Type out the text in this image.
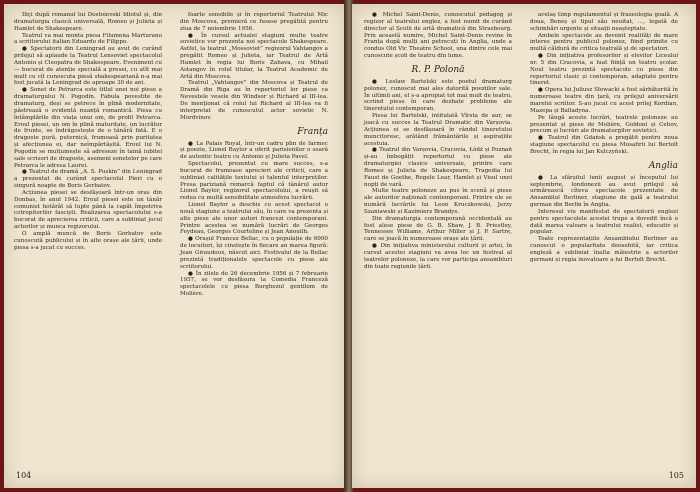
Iliçi după romanul lui Dostoievski Idiotul și, din dramaturgia clasică universală, Romeo și Julieta și Hamlet de Shakespeare.

Teatrul va mai monta piesa Filumena Marturano a scriitorului italian Eduardo de Filippo.

● Spectatorii din Leningrad au avut de curând prilejul să aplaude la Teatrul Lensoviet spectacolul Antoniu și Cleopatra de Shakespeare. Eveniment cu — bucurat de atenție specială a presei, cu atît mai mult cu cît cunoscuta piesă shakespeariană n-a mai fost jucată la Leningrad de aproape 30 de ani.

● Sonet de Petrarca este titlul unei noi piese a dramaturgului N. Pogodin. Fabula povestite de dramaturg, deși se petrece în plină modernitate, păstrează o evidentă nuanță romantică. Piesa cu întâmplările din viața unui om, de profil Petrarca. Eroul piesei, un om în plină maturitate, un lucrător de frunte, se îndrăgostește de o tânără fată. E o dragoste pură, puternică, frumoasă prin puritatea și afecțiunea ei, dar neîmpărtășită. Eroul lui N. Pogodin se mulțumește să adreseze în taină iubitei sale scrisori de dragoste, asemeni sonetelor pe care Petrarca le adresa Laurei.

● Teatrul de dramă „A. S. Puskin” din Leningrad a prezentat de curând spectacolul Pieri cu o singură noapte de Boris Gorbatov.

Acțiunea piesei se desfășoară într-un oraș din Donbas, în anul 1942. Eroul piesei este un tânăr comunist hotărât să lupte până la capăt împotriva cotropitorilor fasciști. Realizarea spectacolului s-a bucurat de aprecierea criticii, care a subliniat jocul actorilor și munca regizorului.

O amplă muncă de Boris Gorbatov este cunoscută publicului și în alte orașe ale țării, unde piesa s-a jucat cu succes.

foarte sensibile și în repertoriul Teatrului Mic din Moscova, premieră ce fusese pregătită pentru ziua de 7 noiembrie 1956.

● În cursul actualei stagiuni multe teatre sovietice vor prezenta noi spectacole Shakespeare. Astfel, la teatrul „Mossoviet” regizorul Vahtangov a pregătit Romeo și Julieta, iar Teatrul de Artă Hamlet în regia lui Boris Zahava, cu Mihail Astangov în rolul titular, la Teatrul Academic de Artă din Moscova.

Teatrul „Vahtangov” din Moscova și Teatrul de Dramă din Riga au în repertoriul lor piese ca Nevestele vesele din Windsor și Richard al III-lea. De menționat că rolul lui Richard al III-lea va fi interpretat de cunoscutul actor sovietic N. Mordvinov.

Franța

● La Palais Royal, într-un cadru plin de farmec și poezie, Lionel Baylor a oferit parisienilor o seară de autentic teatru cu Antonio și Julieta Pavel.

Spectacolul, prezentat cu mare succes, s-a bucurat de frumoase aprecieri ale criticii, care a subliniat calitățile textului și talentul interpreților. Presa pariziană remarcă faptul că tânărul autor Lionel Baylor, regizorul spectacolului, a reușit să redea cu multă sensibilitate atmosfera lucrării.

Lionel Baylor a deschis cu acest spectacol o nouă stagiune a teatrului său, în care va prezenta și alte piese ale unor autori francezi contemporani. Printre acestea se numără lucrări de Georges Feydeau, Georges Courteline și Jean Anouilh.

● Orașul Francez Bellac, cu o populație de 6000 de locuitori, își cinstește în fiecare an marea figură: Jean Giraudoux, născut aici. Festivalul de la Bellac prezintă tradiționalele spectacole cu piese ale scriitorului.

● În zilele de 26 decembrie 1956 și 7 februarie 1957, se vor desfășura la Comedia Franceză spectacolele cu piesa Burghezul gentilom de Molière.

104

● Michel Saint-Denis, cunoscutul pedagog și regizor al teatrului englez, a fost numit de curând director al Școlii de artă dramatică din Strasbourg. Prin această numire, Michel Saint-Denis revine în Franța după mulți ani petrecuți în Anglia, unde a condus Old Vic Theatre School, una dintre cele mai cunoscute școli de teatru din lume.

R. P. Polonă

● Leslaw Bartelski este poetul dramaturg polonez, cunoscut mai ales datorită poeziilor sale. În ultimii ani, el s-a apropiat tot mai mult de teatru, scriind piese în care dezbate probleme ale tineretului contemporan.

Piesa lui Bartelski, intitulată Vîrsta de aur, se joacă cu succes la Teatrul Dramatic din Varșovia. Acțiunea ei se desfășoară în rândul tineretului muncitoresc, arătând frământările și aspirațiile acestuia.

● Teatrul din Varșovia, Cracovia, Łódź și Poznań și-au îmbogățit repertoriul cu piese ale dramaturgiei clasice universale, printre care Romeo și Julieta de Shakespeare, Tragedia lui Faust de Goethe, Regele Lear, Hamlet și Visul unei nopți de vară.

Multe teatre poloneze au pus în scenă și piese ale autorilor naționali contemporani. Printre ele se numără lucrările lui Leon Kruczkowski, Jerzy Szaniawski și Kazimierz Brandys.

Din dramaturgia contemporană occidentală au fost alese piese de G. B. Shaw, J. B. Priestley, Tennessee Williams, Arthur Miller și J. P. Sartre, care se joacă în numeroase orașe ale țării.

● Din inițiativa ministerului culturii și artei, în cursul acestei stagiuni va avea loc un festival al teatrelor poloneze, la care vor participa ansambluri din toate regiunile țării.

acelaș timp regulamentul și frazeologia goală. A doua, Beneș și tipul său neuitat, ..., legată de schimbări urgente și situații neașteptate.

Ambele spectacole au devenit realități de mare interes pentru publicul polonez, fiind primite cu multă căldură de critica teatrală și de spectatori.

● Din inițiativa profesorilor și elevilor Liceului nr. 5 din Cracovia, a luat ființă un teatru școlar. Noul teatru prezintă spectacole cu piese din repertoriul clasic și contemporan, adaptate pentru tineret.

● Opera lui Juliusz Słowacki a fost sărbătorită în numeroase teatre din țară, cu prilejul aniversării marelui scriitor. S-au jucat cu acest prilej Kordian, Mazepa și Balladyna.

Pe lângă aceste lucrări, teatrele poloneze au prezentat și piese de Molière, Goldoni și Cehov, precum și lucrări ale dramaturgilor sovietici.

● Teatrul din Gdańsk a pregătit pentru noua stagiune spectacolul cu piesa Musafirii lui Bertolt Brecht, în regia lui Jan Kulczyński.

Anglia

● La sfârșitul lunii august și începutul lui septembrie, londonezii au avut prilejul să urmărească cîteva spectacole prezentate de Ansamblul Berliner, stagiune de gală a teatrului german din Berlin în Anglia.

Interesul viu manifestat de spectatorii englezi pentru spectacolele acestei trupe a dovedit încă o dată marea valoare a teatrului realist, educativ și popular.

Toate reprezentațiile Ansamblului Berliner au cunoscut o popularitate deosebită, iar critica engleză a subliniat înalta măiestrie a actorilor germani și regia inovatoare a lui Bertolt Brecht.

105
